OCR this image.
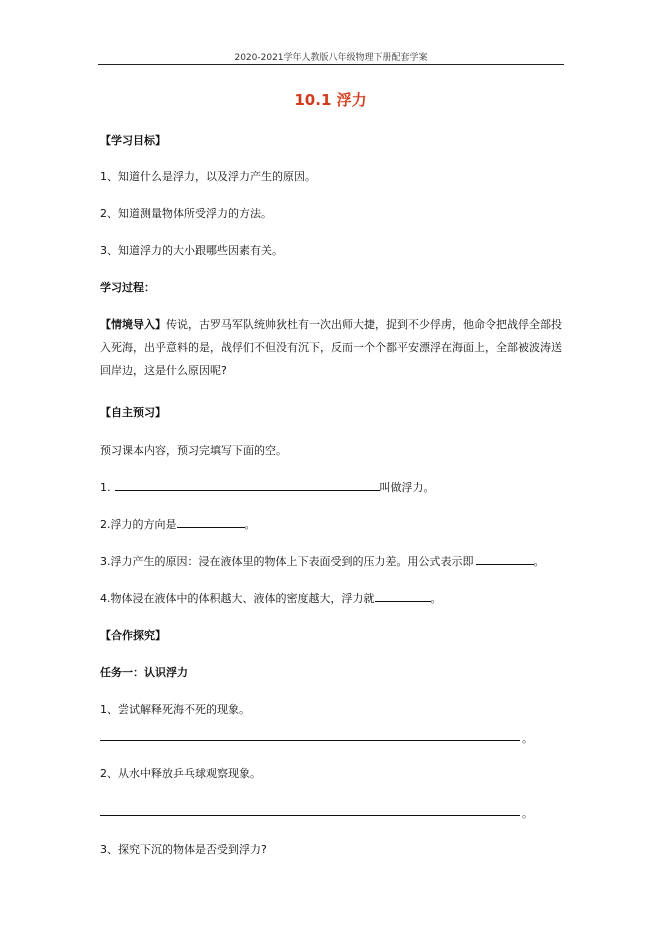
2020-2021学年人教版八年级物理下册配套学案
10.1 浮力
【学习目标】
1、知道什么是浮力，以及浮力产生的原因。
2、知道测量物体所受浮力的方法。
3、知道浮力的大小跟哪些因素有关。
学习过程：
【情境导入】传说，古罗马军队统帅狄杜有一次出师大捷，捉到不少俘虏，他命令把战俘全部投入死海，出乎意料的是，战俘们不但没有沉下，反而一个个都平安漂浮在海面上，全部被波涛送回岸边，这是什么原因呢?
【自主预习】
预习课本内容，预习完填写下面的空。
1.	叫做浮力。
2.浮力的方向是	。
3.浮力产生的原因：浸在液体里的物体上下表面受到的压力差。用公式表示即	。
4.物体浸在液体中的体积越大、液体的密度越大，浮力就	。
【合作探究】
任务一：认识浮力
1、尝试解释死海不死的现象。
。
2、从水中释放乒乓球观察现象。
。
3、探究下沉的物体是否受到浮力?
